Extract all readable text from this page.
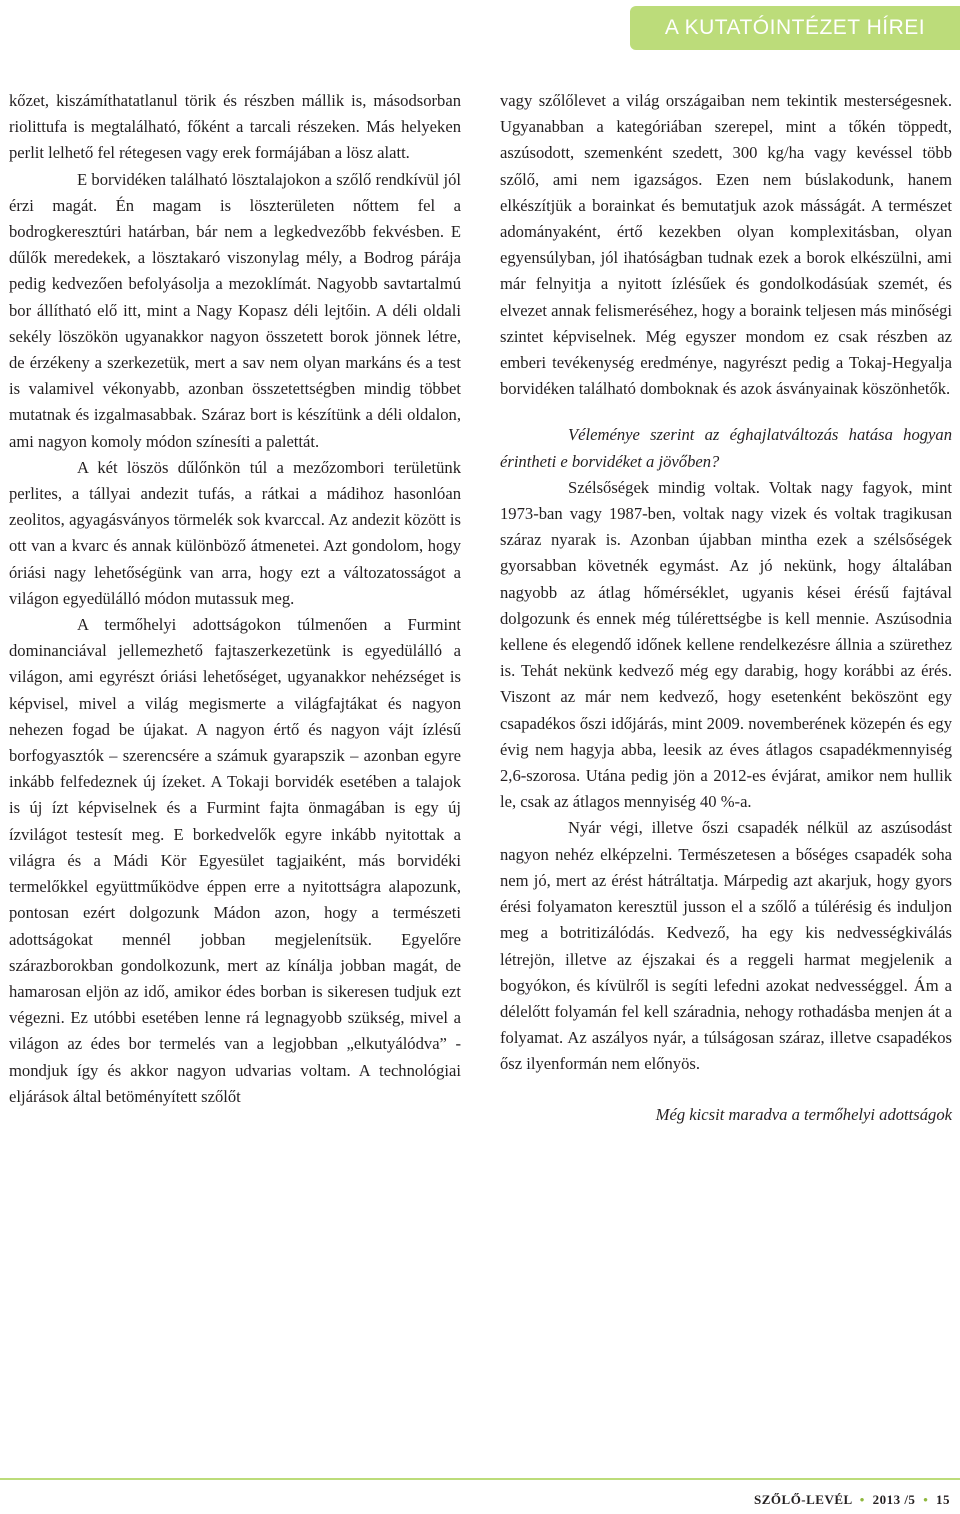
A KUTATÓINTÉZET HÍREI

kőzet, kiszámíthatatlanul törik és részben mállik is, másodsorban riolittufa is megtalálható, főként a tarcali részeken. Más helyeken perlit lelhető fel rétegesen vagy erek formájában a lösz alatt.

E borvidéken található lösztalajokon a szőlő rendkívül jól érzi magát. Én magam is löszterületen nőttem fel a bodrogkeresztúri határban, bár nem a legkedvezőbb fekvésben. E dűlők meredekek, a lösztakaró viszonylag mély, a Bodrog párája pedig kedvezően befolyásolja a mezoklímát. Nagyobb savtartalmú bor állítható elő itt, mint a Nagy Kopasz déli lejtőin. A déli oldali sekély löszökön ugyanakkor nagyon összetett borok jönnek létre, de érzékeny a szerkezetük, mert a sav nem olyan markáns és a test is valamivel vékonyabb, azonban összetettségben mindig többet mutatnak és izgalmasabbak. Száraz bort is készítünk a déli oldalon, ami nagyon komoly módon színesíti a palettát.

A két löszös dűlőnkön túl a mezőzombori területünk perlites, a tállyai andezit tufás, a rátkai a mádihoz hasonlóan zeolitos, agyagásványos törmelék sok kvarccal. Az andezit között is ott van a kvarc és annak különböző átmenetei. Azt gondolom, hogy óriási nagy lehetőségünk van arra, hogy ezt a változatosságot a világon egyedülálló módon mutassuk meg.

A termőhelyi adottságokon túlmenően a Furmint dominanciával jellemezhető fajtaszerkezetünk is egyedülálló a világon, ami egyrészt óriási lehetőséget, ugyanakkor nehézséget is képvisel, mivel a világ megismerte a világfajtákat és nagyon nehezen fogad be újakat. A nagyon értő és nagyon vájt ízlésű borfogyasztók – szerencsére a számuk gyarapszik – azonban egyre inkább felfedeznek új ízeket. A Tokaji borvidék esetében a talajok is új ízt képviselnek és a Furmint fajta önmagában is egy új ízvilágot testesít meg. E borkedvelők egyre inkább nyitottak a világra és a Mádi Kör Egyesület tagjaiként, más borvidéki termelőkkel együttműködve éppen erre a nyitottságra alapozunk, pontosan ezért dolgozunk Mádon azon, hogy a természeti adottságokat mennél jobban megjelenítsük. Egyelőre szárazborokban gondolkozunk, mert az kínálja jobban magát, de hamarosan eljön az idő, amikor édes borban is sikeresen tudjuk ezt végezni. Ez utóbbi esetében lenne rá legnagyobb szükség, mivel a világon az édes bor termelés van a legjobban „elkutyálódva” - mondjuk így és akkor nagyon udvarias voltam. A technológiai eljárások által betöményített szőlőt

vagy szőlőlevet a világ országaiban nem tekintik mesterségesnek. Ugyanabban a kategóriában szerepel, mint a tőkén töppedt, aszúsodott, szemenként szedett, 300 kg/ha vagy kevéssel több szőlő, ami nem igazságos. Ezen nem búslakodunk, hanem elkészítjük a borainkat és bemutatjuk azok másságát. A természet adományaként, értő kezekben olyan komplexitásban, olyan egyensúlyban, jól ihatóságban tudnak ezek a borok elkészülni, ami már felnyitja a nyitott ízlésűek és gondolkodásúak szemét, és elvezet annak felismeréséhez, hogy a boraink teljesen más minőségi szintet képviselnek. Még egyszer mondom ez csak részben az emberi tevékenység eredménye, nagyrészt pedig a Tokaj-Hegyalja borvidéken található domboknak és azok ásványainak köszönhetők.

Véleménye szerint az éghajlatváltozás hatása hogyan érintheti e borvidéket a jövőben?

Szélsőségek mindig voltak. Voltak nagy fagyok, mint 1973-ban vagy 1987-ben, voltak nagy vizek és voltak tragikusan száraz nyarak is. Azonban újabban mintha ezek a szélsőségek gyorsabban követnék egymást. Az jó nekünk, hogy általában nagyobb az átlag hőmérséklet, ugyanis kései érésű fajtával dolgozunk és ennek még túlérettségbe is kell mennie. Aszúsodnia kellene és elegendő időnek kellene rendelkezésre állnia a szürethez is. Tehát nekünk kedvező még egy darabig, hogy korábbi az érés. Viszont az már nem kedvező, hogy esetenként beköszönt egy csapadékos őszi időjárás, mint 2009. novemberének közepén és egy évig nem hagyja abba, leesik az éves átlagos csapadékmennyiség 2,6-szorosa. Utána pedig jön a 2012-es évjárat, amikor nem hullik le, csak az átlagos mennyiség 40 %-a.

Nyár végi, illetve őszi csapadék nélkül az aszúsodást nagyon nehéz elképzelni. Természetesen a bőséges csapadék soha nem jó, mert az érést hátráltatja. Márpedig azt akarjuk, hogy gyors érési folyamaton keresztül jusson el a szőlő a túlérésig és induljon meg a botritizálódás. Kedvező, ha egy kis nedvességkiválás létrejön, illetve az éjszakai és a reggeli harmat megjelenik a bogyókon, és kívülről is segíti lefedni azokat nedvességgel. Ám a délelőtt folyamán fel kell száradnia, nehogy rothadásba menjen át a folyamat. Az aszályos nyár, a túlságosan száraz, illetve csapadékos ősz ilyenformán nem előnyös.

Még kicsit maradva a termőhelyi adottságok

SZŐLŐ-LEVÉL • 2013 /5 • 15
